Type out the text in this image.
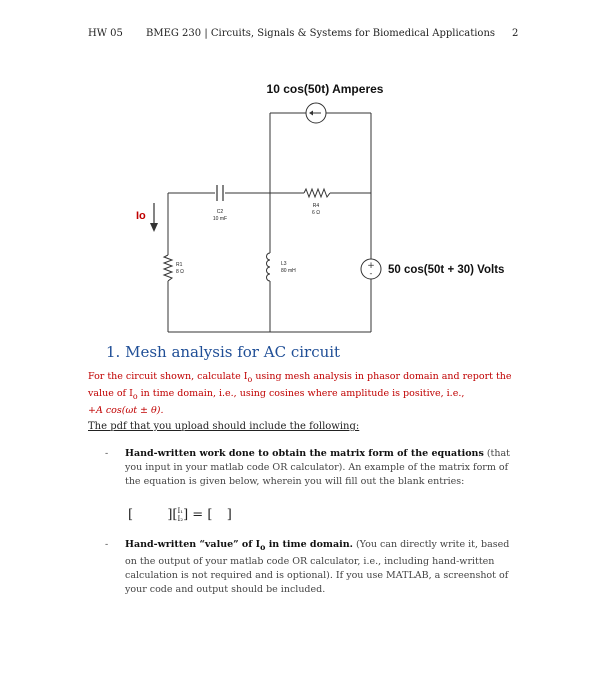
HW 05 BMEG 230 | Circuits, Signals & Systems for Biomedical Applications 2
+
-
10 cos(50t) Amperes
50 cos(50t + 30) Volts
Io	C2
10 mF
R4
6 Ω
R1
8 Ω
L3
80 mH
1. Mesh analysis for AC circuit
For the circuit shown, calculate $I_o$ using mesh analysis in phasor domain and report the value of $I_o$ in time domain, i.e., using cosines where amplitude is positive, i.e.,
+A cos(ωt ± θ).
The pdf that you upload should include the following:
- Hand-written work done to obtain the matrix form of the equations (that you input in your matlab code OR calculator). An example of the matrix form of the equation is given below, wherein you will fill out the blank entries:
[	][ I₁
I₂ ] = [ ]
- Hand-written “value” of $I_o$ in time domain. (You can directly write it, based on the output of your matlab code OR calculator, i.e., including hand-written calculation is not required and is optional). If you use MATLAB, a screenshot of your code and output should be included.
